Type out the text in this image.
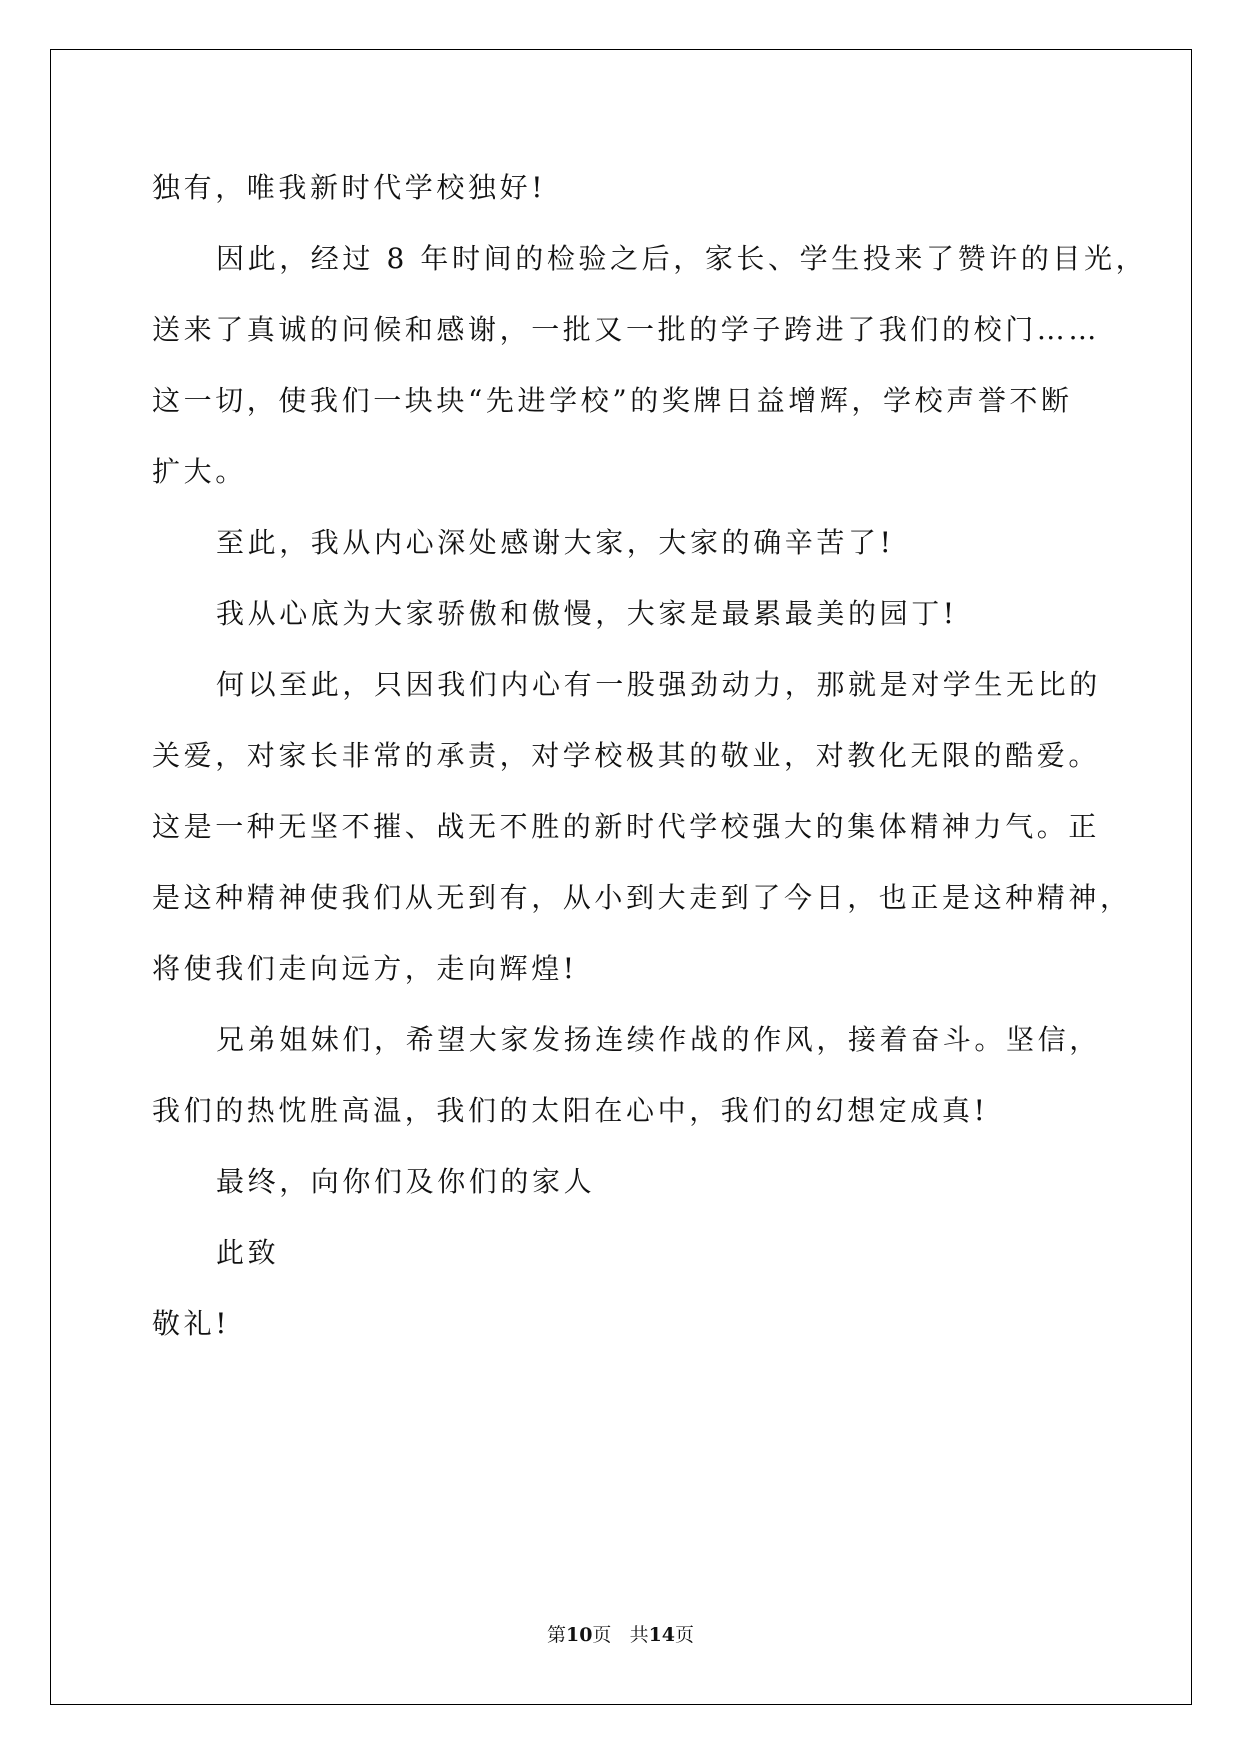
独有，唯我新时代学校独好!
因此，经过 8 年时间的检验之后，家长、学生投来了赞许的目光，
送来了真诚的问候和感谢，一批又一批的学子跨进了我们的校门……
这一切，使我们一块块“先进学校”的奖牌日益增辉，学校声誉不断
扩大。
至此，我从内心深处感谢大家，大家的确辛苦了!
我从心底为大家骄傲和傲慢，大家是最累最美的园丁!
何以至此，只因我们内心有一股强劲动力，那就是对学生无比的
关爱，对家长非常的承责，对学校极其的敬业，对教化无限的酷爱。
这是一种无坚不摧、战无不胜的新时代学校强大的集体精神力气。正
是这种精神使我们从无到有，从小到大走到了今日，也正是这种精神，
将使我们走向远方，走向辉煌!
兄弟姐妹们，希望大家发扬连续作战的作风，接着奋斗。坚信，
我们的热忱胜高温，我们的太阳在心中，我们的幻想定成真!
最终，向你们及你们的家人
此致
敬礼!
第10页 共14页
